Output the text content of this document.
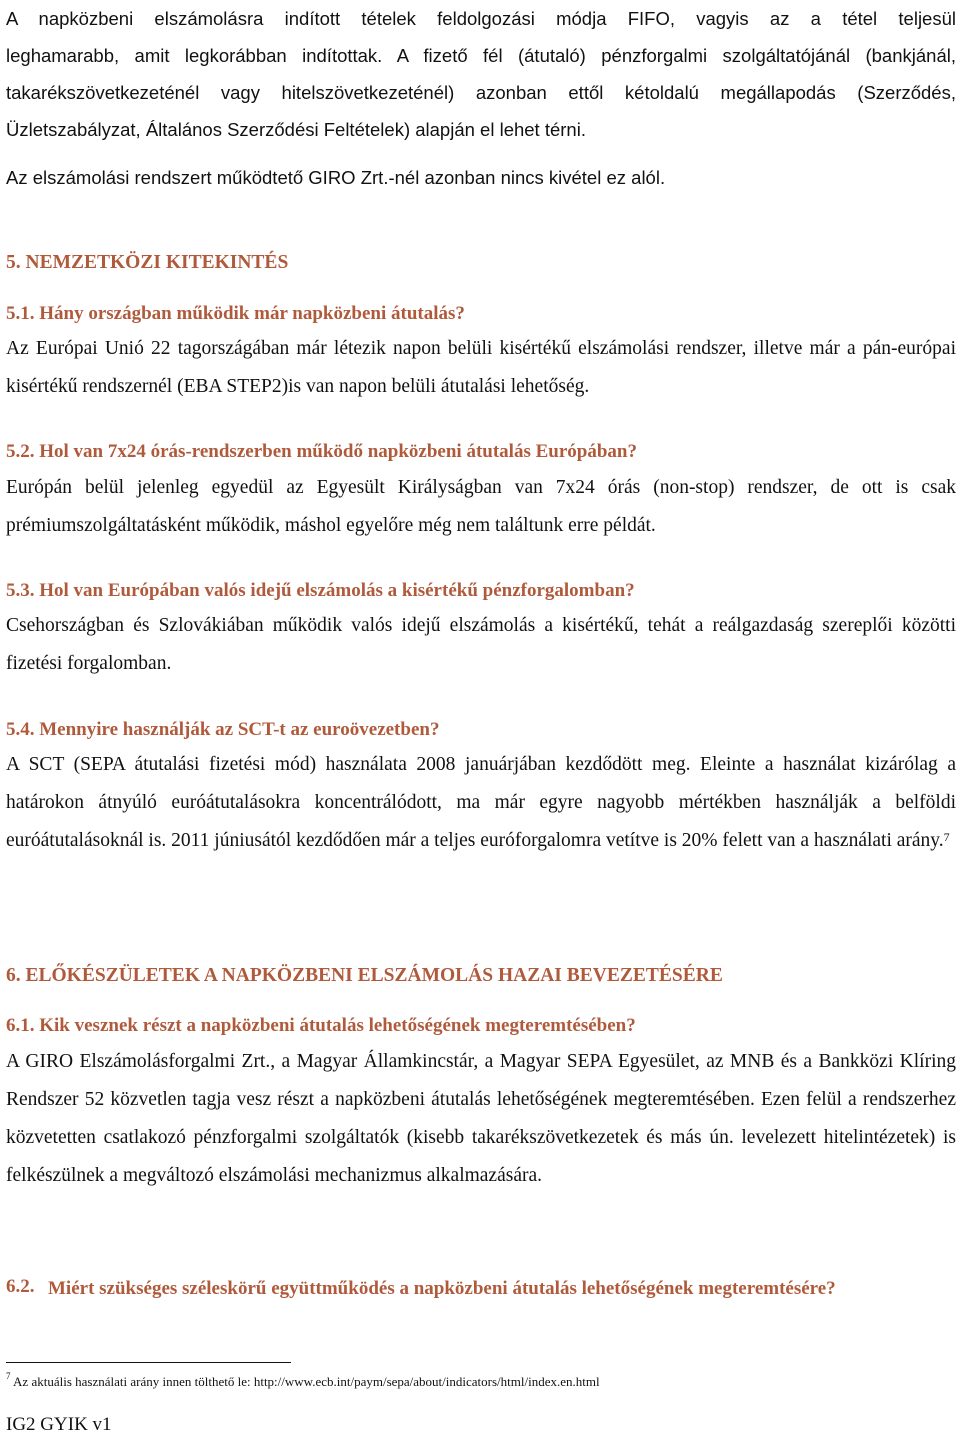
A napközbeni elszámolásra indított tételek feldolgozási módja FIFO, vagyis az a tétel teljesül

leghamarabb, amit legkorábban indítottak. A fizető fél (átutaló) pénzforgalmi szolgáltatójánál (bankjánál, takarékszövetkezeténél vagy hitelszövetkezeténél) azonban ettől kétoldalú megállapodás (Szerződés, Üzletszabályzat, Általános Szerződési Feltételek) alapján el lehet térni.

Az elszámolási rendszert működtető GIRO Zrt.-nél azonban nincs kivétel ez alól.

5. NEMZETKÖZI KITEKINTÉS
5.1. Hány országban működik már napközbeni átutalás?

Az Európai Unió 22 tagországában már létezik napon belüli kisértékű elszámolási rendszer, illetve már a pán-európai kisértékű rendszernél (EBA STEP2)is van napon belüli átutalási lehetőség.

5.2. Hol van 7x24 órás-rendszerben működő napközbeni átutalás Európában?

Európán belül jelenleg egyedül az Egyesült Királyságban van 7x24 órás (non-stop) rendszer, de ott is csak prémiumszolgáltatásként működik, máshol egyelőre még nem találtunk erre példát.

5.3. Hol van Európában valós idejű elszámolás a kisértékű pénzforgalomban?

Csehországban és Szlovákiában működik valós idejű elszámolás a kisértékű, tehát a reálgazdaság szereplői közötti fizetési forgalomban.

5.4. Mennyire használják az SCT-t az euroövezetben?

A SCT (SEPA átutalási fizetési mód) használata 2008 januárjában kezdődött meg. Eleinte a használat kizárólag a határokon átnyúló euróátutalásokra koncentrálódott, ma már egyre nagyobb mértékben használják a belföldi euróátutalásoknál is. 2011 júniusától kezdődően már a teljes euróforgalomra vetítve is 20% felett van a használati arány.$^7$

6. ELŐKÉSZÜLETEK A NAPKÖZBENI ELSZÁMOLÁS HAZAI BEVEZETÉSÉRE
6.1. Kik vesznek részt a napközbeni átutalás lehetőségének megteremtésében?

A GIRO Elszámolásforgalmi Zrt., a Magyar Államkincstár, a Magyar SEPA Egyesület, az MNB és a Bankközi Klíring Rendszer 52 közvetlen tagja vesz részt a napközbeni átutalás lehetőségének megteremtésében. Ezen felül a rendszerhez közvetetten csatlakozó pénzforgalmi szolgáltatók (kisebb takarékszövetkezetek és más ún. levelezett hitelintézetek) is felkészülnek a megváltozó elszámolási mechanizmus alkalmazására.

6.2. Miért szükséges széleskörű együttműködés a napközbeni átutalás lehetőségének megteremtésére?
$^7$ Az aktuális használati arány innen tölthető le: http://www.ecb.int/paym/sepa/about/indicators/html/index.en.html
IG2 GYIK v1
